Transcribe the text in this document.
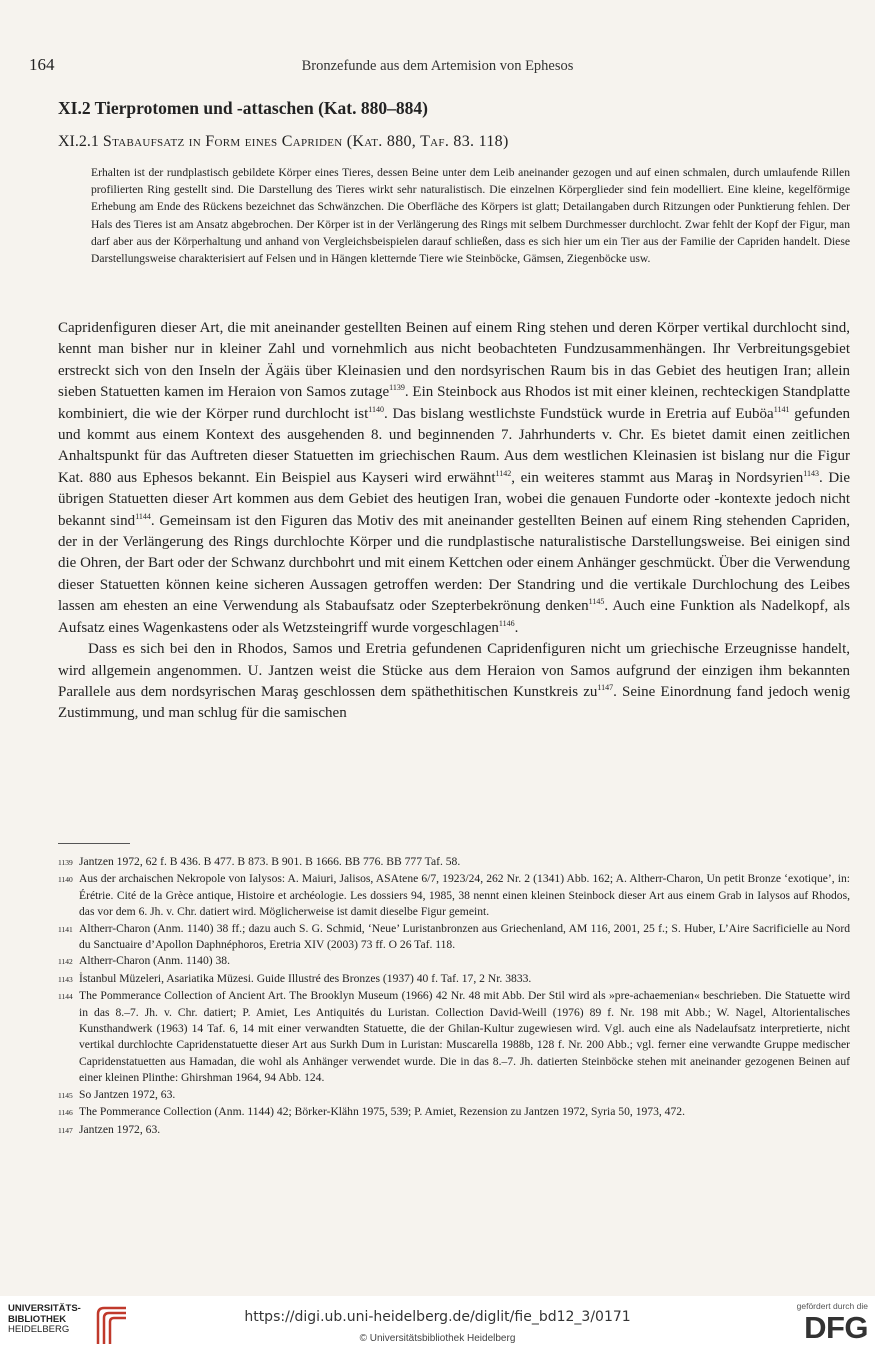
164	Bronzefunde aus dem Artemision von Ephesos
XI.2 Tierprotomen und -attaschen (Kat. 880–884)
XI.2.1 Stabaufsatz in Form eines Capriden (Kat. 880, Taf. 83. 118)

Erhalten ist der rundplastisch gebildete Körper eines Tieres, dessen Beine unter dem Leib aneinander gezogen und auf einen schmalen, durch umlaufende Rillen profilierten Ring gestellt sind. Die Darstellung des Tieres wirkt sehr naturalistisch. Die einzelnen Körperglieder sind fein modelliert. Eine kleine, kegelförmige Erhebung am Ende des Rückens bezeichnet das Schwänzchen. Die Oberfläche des Körpers ist glatt; Detailangaben durch Ritzungen oder Punktierung fehlen. Der Hals des Tieres ist am Ansatz abgebrochen. Der Körper ist in der Verlängerung des Rings mit selbem Durchmesser durchlocht. Zwar fehlt der Kopf der Figur, man darf aber aus der Körperhaltung und anhand von Vergleichsbeispielen darauf schließen, dass es sich hier um ein Tier aus der Familie der Capriden handelt. Diese Darstellungsweise charakterisiert auf Felsen und in Hängen kletternde Tiere wie Steinböcke, Gämsen, Ziegenböcke usw.

Capridenfiguren dieser Art, die mit aneinander gestellten Beinen auf einem Ring stehen und deren Körper vertikal durchlocht sind, kennt man bisher nur in kleiner Zahl und vornehmlich aus nicht beobachteten Fundzusammenhängen. Ihr Verbreitungsgebiet erstreckt sich von den Inseln der Ägäis über Kleinasien und den nordsyrischen Raum bis in das Gebiet des heutigen Iran; allein sieben Statuetten kamen im Heraion von Samos zutage$^{1139}$. Ein Steinbock aus Rhodos ist mit einer kleinen, rechteckigen Standplatte kombiniert, die wie der Körper rund durchlocht ist$^{1140}$. Das bislang westlichste Fundstück wurde in Eretria auf Euböa$^{1141}$ gefunden und kommt aus einem Kontext des ausgehenden 8. und beginnenden 7. Jahrhunderts v. Chr. Es bietet damit einen zeitlichen Anhaltspunkt für das Auftreten dieser Statuetten im griechischen Raum. Aus dem westlichen Kleinasien ist bislang nur die Figur Kat. 880 aus Ephesos bekannt. Ein Beispiel aus Kayseri wird erwähnt$^{1142}$, ein weiteres stammt aus Maraş in Nordsyrien$^{1143}$. Die übrigen Statuetten dieser Art kommen aus dem Gebiet des heutigen Iran, wobei die genauen Fundorte oder -kontexte jedoch nicht bekannt sind$^{1144}$. Gemeinsam ist den Figuren das Motiv des mit aneinander gestellten Beinen auf einem Ring stehenden Capriden, der in der Verlängerung des Rings durchlochte Körper und die rundplastische naturalistische Darstellungsweise. Bei einigen sind die Ohren, der Bart oder der Schwanz durchbohrt und mit einem Kettchen oder einem Anhänger geschmückt. Über die Verwendung dieser Statuetten können keine sicheren Aussagen getroffen werden: Der Standring und die vertikale Durchlochung des Leibes lassen am ehesten an eine Verwendung als Stabaufsatz oder Szepterbekrönung denken$^{1145}$. Auch eine Funktion als Nadelkopf, als Aufsatz eines Wagenkastens oder als Wetzsteingriff wurde vorgeschlagen$^{1146}$.

Dass es sich bei den in Rhodos, Samos und Eretria gefundenen Capridenfiguren nicht um griechische Erzeugnisse handelt, wird allgemein angenommen. U. Jantzen weist die Stücke aus dem Heraion von Samos aufgrund der einzigen ihm bekannten Parallele aus dem nordsyrischen Maraş geschlossen dem späthethitischen Kunstkreis $zu^{1147}$. Seine Einordnung fand jedoch wenig Zustimmung, und man schlug für die samischen

1139 Jantzen 1972, 62 f. B 436. B 477. B 873. B 901. B 1666. BB 776. BB 777 Taf. 58.
1140 Aus der archaischen Nekropole von Ialysos: A. Maiuri, Jalisos, ASAtene 6/7, 1923/24, 262 Nr. 2 (1341) Abb. 162; A. Altherr-Charon, Un petit Bronze ‘exotique’, in: Érétrie. Cité de la Grèce antique, Histoire et archéologie. Les dossiers 94, 1985, 38 nennt einen kleinen Steinbock dieser Art aus einem Grab in Ialysos auf Rhodos, das vor dem 6. Jh. v. Chr. datiert wird. Möglicherweise ist damit dieselbe Figur gemeint.
1141 Altherr-Charon (Anm. 1140) 38 ff.; dazu auch S. G. Schmid, ‘Neue’ Luristanbronzen aus Griechenland, AM 116, 2001, 25 f.; S. Huber, L’Aire Sacrificielle au Nord du Sanctuaire d’Apollon Daphnéphoros, Eretria XIV (2003) 73 ff. O 26 Taf. 118.
1142 Altherr-Charon (Anm. 1140) 38.
1143 İstanbul Müzeleri, Asariatika Müzesi. Guide Illustré des Bronzes (1937) 40 f. Taf. 17, 2 Nr. 3833.
1144 The Pommerance Collection of Ancient Art. The Brooklyn Museum (1966) 42 Nr. 48 mit Abb. Der Stil wird als »pre-achaemenian« beschrieben. Die Statuette wird in das 8.–7. Jh. v. Chr. datiert; P. Amiet, Les Antiquités du Luristan. Collection David-Weill (1976) 89 f. Nr. 198 mit Abb.; W. Nagel, Altorientalisches Kunsthandwerk (1963) 14 Taf. 6, 14 mit einer verwandten Statuette, die der Ghilan-Kultur zugewiesen wird. Vgl. auch eine als Nadelaufsatz interpretierte, nicht vertikal durchlochte Capridenstatuette dieser Art aus Surkh Dum in Luristan: Muscarella 1988b, 128 f. Nr. 200 Abb.; vgl. ferner eine verwandte Gruppe medischer Capridenstatuetten aus Hamadan, die wohl als Anhänger verwendet wurde. Die in das 8.–7. Jh. datierten Steinböcke stehen mit aneinander gezogenen Beinen auf einer kleinen Plinthe: Ghirshman 1964, 94 Abb. 124.
1145 So Jantzen 1972, 63.
1146 The Pommerance Collection (Anm. 1144) 42; Börker-Klähn 1975, 539; P. Amiet, Rezension zu Jantzen 1972, Syria 50, 1973, 472.
1147 Jantzen 1972, 63.
UNIVERSITÄTS-
BIBLIOTHEK
HEIDELBERG
https://digi.ub.uni-heidelberg.de/diglit/fie_bd12_3/0171
© Universitätsbibliothek Heidelberg
gefördert durch die
DFG
